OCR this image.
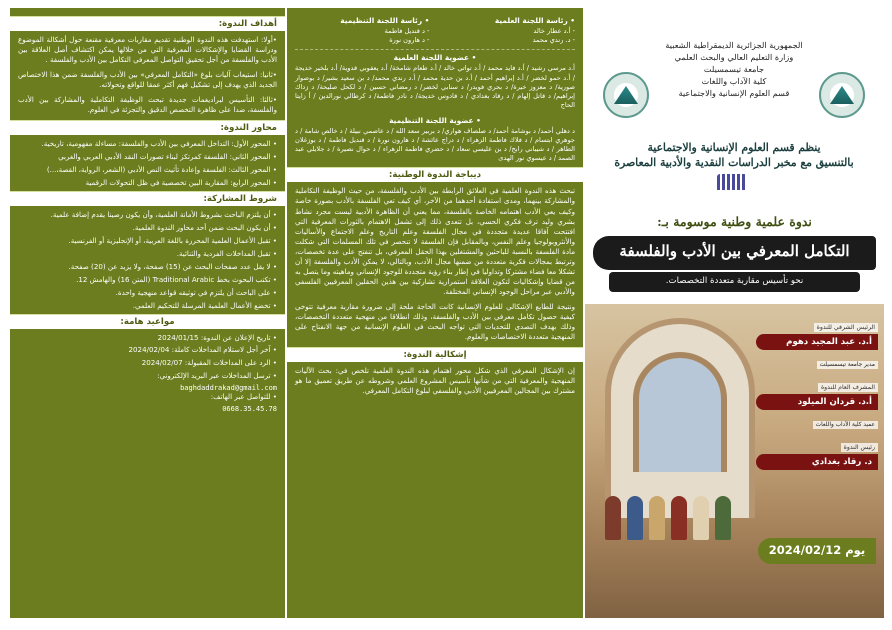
أهداف الندوة:
•أولا: استهدفت هذه الندوة الوطنية تقديم مقاربات معرفية مقنعة حول أشكالة الموضوع ودراسة القضايا والإشكالات المعرفية التي من خلالها يمكن اكتشاف أصل العلاقة بين الأدب والفلسفة من أجل تحقيق التواصل المعرفي التكامل بين الأدب والفلسفة .
•ثانيا: استيعاب آليات بلوغ «التكامل المعرفي» بين الأدب والفلسفة ضمن هذا الاختصاص الجديد الذي يهدف إلى تشكيل فهم أكثر عمقا للواقع وتحولاته.
•ثالثا: التأسيس لبراديغمات جديدة تبحث الوظيفة التكاملية والمشاركة بين الأدب والفلسفة، ضدا على ظاهرة التخصص الدقيق والتجزئة في العلوم.
محاور الندوة:
• المحور الأول: التداخل المعرفي بين الأدب والفلسفة: مساءلة مفهومية، تاريخية.
• المحور الثاني: الفلسفة كمرتكز لبناء تصورات النقد الأدبي العربي والغربي
• المحور الثالث: الفلسفة وإعادة تأثيث النص الأدبي (الشعر، الرواية، القصة،...)
• المحور الرابع: المقاربة البين تخصصية في ظل التحولات الرقمية
شروط المشاركة:
• أن يلتزم الباحث بشروط الأمانة العلمية، وأن يكون رصينا يقدم إضافة علمية.
• أن يكون البحث ضمن أحد محاور الندوة العلمية.
• تقبل الأعمال العلمية المحررة باللغة العربية، أو الإنجليزية أو الفرنسية.
• تقبل المداخلات الفردية والثنائية.
• لا يقل عدد صفحات البحث عن (15) صفحة، ولا يزيد عن (20) صفحة.
• تكتب البحوث بخط Traditional Arabic (المتن 16) والهامش 12.
• على الباحث أن يلتزم في توثيقه قواعد منهجية واحدة.
• تخضع الأعمال العلمية المرسلة للتحكيم العلمي.
مواعيد هامة:
• تاريخ الإعلان عن الندوة: 2024/01/15
• آخر أجل لاستلام المداخلات كاملة: 2024/02/04
• الرد على المداخلات المقبولة: 2024/02/07
• ترسل المداخلات عبر البريد الإلكتروني:
baghdaddrakad@gmail.com
• للتواصل عبر الهاتف:
0668.35.45.78
• رئاسة اللجنة العلمية
- أ.د عطار خالد
- د. رندي محمد
• رئاسة اللجنة التنظيمية
- د قنديل فاطمة
- د هارون نورة
• عضوية اللجنة العلمية
أ.د مرسي رشيد / أ.د فايد محمد / أ.د تواتي خالد / أ.د طعام شامخة/ أ.د يعقوبي قدوية/ أ.د بلخير خديجة / أ.د حمو لخضر / أ.د إبراهيم أحمد / أ.د بن حدية محمد / أ.د رندي محمد/ د بن سعيد بشير/ د بوصوار صورية/ د معزوز خيرة/ د بحري فويدر/ د سنابي لخضر/ د رمضاني حسين / د لكحل صليحة/ د زداك إبراهيم/ د قاتل إلهام / د رقاد بغدادي / د قادوس خديجة/ د نادر فاطمة/ د كرطالي نورالدين / أ زايتا الحاج
• عضوية اللجنة التنظيمية
د دهلي أحمد/ د بوشامة أحمد/ د صلصاف هواري/ د بربير سعد الله / د عاصمي نبيلة / د خالص شامة / د جوهري ابتسام / د فلاك فاطمة الزهراء / د دراج عائشة / د هارون نورة / د قنديل فاطمة / د بوزغلان الطاهر / د شيباني رابح/ د بن عليسي سعاد / د حضري فاطمة الزهراء / د حوال نصيرة / د جلايلي عبد الصمد / د عيسوي نور الهدى
ديباجة الندوة الوطنية:
تبحث هذه الندوة العلمية في العلائق الرابطة بين الأدب والفلسفة، من حيث الوظيفة التكاملية والمشاركة بينهما، ومدى استفادة أحدهما من الآخر، أي كيف تعي الفلسفة بالأدب بصورة خاصة وكيف يعي الأدب اهتمامه الخاصة بالفلسفة، مما يعني أن الظاهرة الأدبية ليست مجرد نشاط بشري وليد ترف فكري الحسي، بل تتعدى ذلك إلى تشمل الاهتمام بالثورات المعرفية التي افتتحت آفاقا عديدة متجددة في مجال الفلسفة وعلم التاريخ وعلم الاجتماع والأساليات والأنثروبولوجيا وعلم النفس، وبالمقابل فإن الفلسفة لا تنحصر في تلك المسلمات التي شكلت مادة الفلسفة بالنسبة للباحثين والمشتغلين بهذا الحقل المعرفي، بل تنفتح على عدة تخصصات، وترتبط بمجالات فكرية متعددة من ضمنها مجال الأدب، وبالتالي، لا يمكن الأدب والفلسفة إلا أن تشكلا معا فضاء مشتركا وتداوليا في إطار بناء رؤية متجددة للوجود الإنساني وماهيته وما يتصل به من قضايا وإشكاليات لتكون العلاقة استمرارية تشاركية بين هذين الحقلين المعرفيين الفلسفي والأدبي عبر مراحل الوجود الإنساني المختلفة.
ونتيجة للطابع الإشكالي للعلوم الإنسانية كانت الحاجة ملحة إلى ضرورة مقاربة معرفية تتوخى كيفية حصول تكامل معرفي بين الأدب والفلسفة، وذلك انطلاقا من منهجية متعددة التخصصات، وذلك بهدف التصدي للتحديات التي تواجه البحث في العلوم الإنسانية من جهة الانفتاح على المنهجية متعددة الاختصاصات والعلوم.
إشكالية الندوة:
إن الإشكال المعرفي الذي شكل محور اهتمام هذه الندوة العلمية تلخص في: بحث الآليات المنهجية والمعرفية التي من شأنها تأسيس المشروع العلمي وشروطه عن طريق تعميق ما هو مشترك بين المجالين المعرفيين الأدبي والفلسفي لبلوغ التكامل المعرفي.
الجمهورية الجزائرية الديمقراطية الشعبية
وزارة التعليم العالي والبحث العلمي
جامعة تيسمسيلت
كلية الآداب واللغات
قسم العلوم الإنسانية والاجتماعية
ينظم قسم العلوم الإنسانية والاجتماعية
بالتنسيق مع مخبر الدراسات النقدية والأدبية المعاصرة
ندوة علمية وطنية موسومة بـ:
التكامل المعرفي بين الأدب والفلسفة
نحو تأسيس مقاربة متعددة التخصصات.
الرئيس الشرفي للندوة
أ.د. عبد المجيد دهوم
مدير جامعة تيسمسيلت
المشرف العام للندوة
أ.د. قردان الميلود
عميد كلية الآداب واللغات
رئيس الندوة
د. رقاد بغدادي
يوم 2024/02/12
